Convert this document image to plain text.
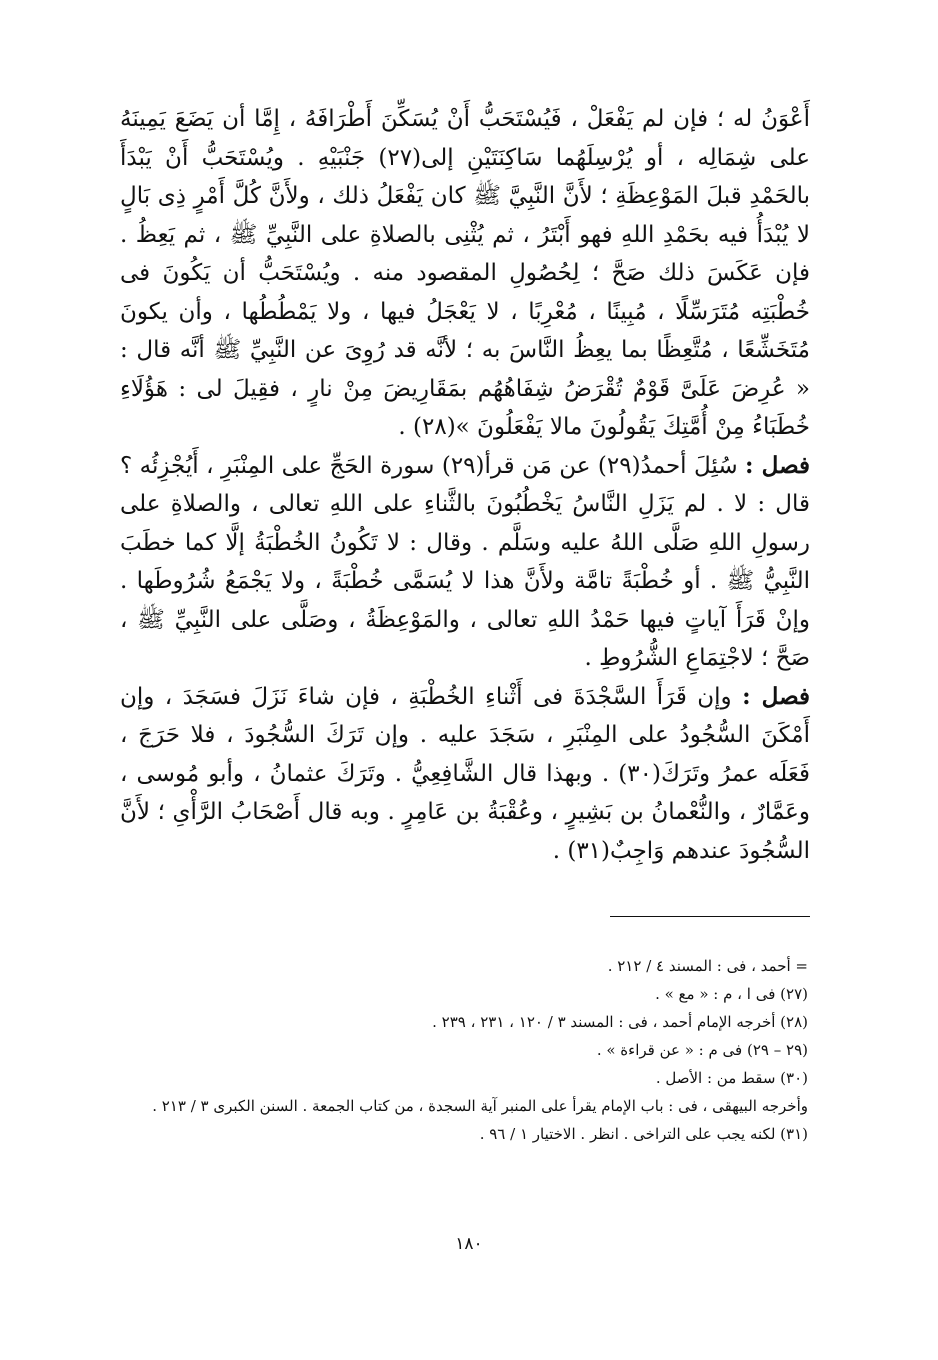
أَعْوَنُ له ؛ فإن لم يَفْعَلْ ، فَيُسْتَحَبُّ أَنْ يُسَكِّنَ أَطْرَافَهُ ، إِمَّا أن يَضَعَ يَمِينَهُ على شِمَالِه ، أو يُرْسِلَهُما سَاكِنَتَيْنِ إلى(٢٧) جَنْبَيْهِ . ويُسْتَحَبُّ أَنْ يَبْدَأَ بالحَمْدِ قبلَ المَوْعِظَةِ ؛ لأَنَّ النَّبِيَّ ﷺ كان يَفْعَلُ ذلك ، ولأَنَّ كُلَّ أَمْرٍ ذِى بَالٍ لا يُبْدَأُ فيه بحَمْدِ اللهِ فهو أَبْتَرُ ، ثم يُثْنِى بالصلاةِ على النَّبِيِّ ﷺ ، ثم يَعِظُ . فإن عَكَسَ ذلك صَحَّ ؛ لِحُصُولِ المقصود منه . ويُسْتَحَبُّ أن يَكُونَ فى خُطْبَتِه مُتَرَسِّلًا ، مُبِينًا ، مُعْرِبًا ، لا يَعْجَلُ فيها ، ولا يَمْطُطُها ، وأن يكونَ مُتَخَشِّعًا ، مُتَّعِظًا بما يعِظُ النَّاسَ به ؛ لأنَّه قد رُوِىَ عن النَّبِيِّ ﷺ أنَّه قال : « عُرِضَ عَلَىَّ قَوْمٌ تُقْرَضُ شِفَاهُهُم بمَقَارِيضَ مِنْ نارٍ ، فقِيلَ لى : هَؤُلَاءِ خُطَبَاءُ مِنْ أُمَّتِكَ يَقُولُونَ مالا يَفْعَلُونَ »(٢٨) .

فصل : سُئِلَ أحمدُ(٢٩) عن مَن قرأ(٢٩) سورة الحَجِّ على المِنْبَرِ ، أَيُجْزِئُه ؟ قال : لا . لم يَزَلِ النَّاسُ يَخْطُبُونَ بالثَّناءِ على اللهِ تعالى ، والصلاةِ على رسولِ اللهِ صَلَّى اللهُ عليه وسَلَّم . وقال : لا تَكُونُ الخُطْبَةُ إلَّا كما خطَبَ النَّبِيُّ ﷺ . أو خُطْبَةً تامَّة ولأَنَّ هذا لا يُسَمَّى خُطْبَةً ، ولا يَجْمَعُ شُرُوطَها . وإنْ قَرَأَ آياتٍ فيها حَمْدُ اللهِ تعالى ، والمَوْعِظَةُ ، وصَلَّى على النَّبِيِّ ﷺ ، صَحَّ ؛ لاجْتِمَاعِ الشُّرُوطِ .

فصل : وإن قَرَأَ السَّجْدَةَ فى أَثْناءِ الخُطْبَةِ ، فإن شاءَ نَزَلَ فسَجَدَ ، وإن أَمْكَنَ السُّجُودُ على المِنْبَرِ ، سَجَدَ عليه . وإن تَرَكَ السُّجُودَ ، فلا حَرَجَ ، فَعَلَه عمرُ وتَرَكَ(٣٠) . وبهذا قال الشَّافِعِيُّ . وتَرَكَ عثمانُ ، وأبو مُوسى ، وعَمَّارٌ ، والنُّعْمانُ بن بَشِيرٍ ، وعُقْبَةُ بن عَامِرٍ . وبه قال أَصْحَابُ الرَّأْىِ ؛ لأَنَّ السُّجُودَ عندهم وَاجِبٌ(٣١) .

= أحمد ، فى : المسند ٤ / ٢١٢ .

(٢٧) فى ا ، م : « مع » .

(٢٨) أخرجه الإمام أحمد ، فى : المسند ٣ / ١٢٠ ، ٢٣١ ، ٢٣٩ .

(٢٩ – ٢٩) فى م : « عن قراءة » .

(٣٠) سقط من : الأصل .

وأخرجه البيهقى ، فى : باب الإمام يقرأ على المنبر آية السجدة ، من كتاب الجمعة . السنن الكبرى ٣ / ٢١٣ .

(٣١) لكنه يجب على التراخى . انظر . الاختيار ١ / ٩٦ .

١٨٠
